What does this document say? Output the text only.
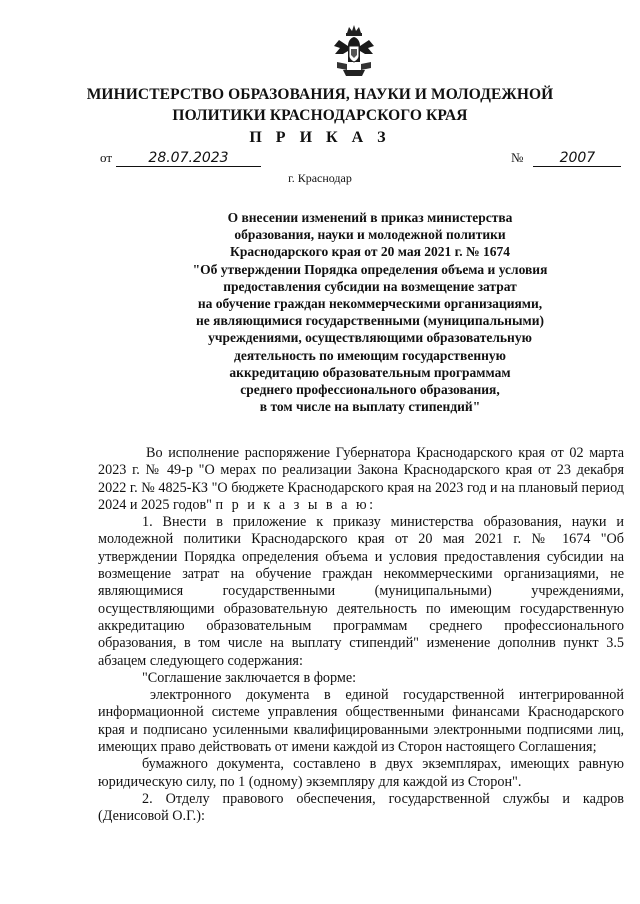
МИНИСТЕРСТВО ОБРАЗОВАНИЯ, НАУКИ И МОЛОДЕЖНОЙ
ПОЛИТИКИ КРАСНОДАРСКОГО КРАЯ
П Р И К А З
от	28.07.2023	№	2007
г. Краснодар
О внесении изменений в приказ министерства
образования, науки и молодежной политики
Краснодарского края от 20 мая 2021 г. № 1674
"Об утверждении Порядка определения объема и условия
предоставления субсидии на возмещение затрат
на обучение граждан некоммерческими организациями,
не являющимися государственными (муниципальными)
учреждениями, осуществляющими образовательную
деятельность по имеющим государственную
аккредитацию образовательным программам
среднего профессионального образования,
в том числе на выплату стипендий"

Во исполнение распоряжение Губернатора Краснодарского края от 02 марта 2023 г. № 49-р "О мерах по реализации Закона Краснодарского края от 23 декабря 2022 г. № 4825-КЗ "О бюджете Краснодарского края на 2023 год и на плановый период 2024 и 2025 годов" п р и к а з ы в а ю:

1. Внести в приложение к приказу министерства образования, науки и молодежной политики Краснодарского края от 20 мая 2021 г. № 1674 "Об утверждении Порядка определения объема и условия предоставления субсидии на возмещение затрат на обучение граждан некоммерческими организациями, не являющимися государственными (муниципальными) учреждениями, осуществляющими образовательную деятельность по имеющим государственную аккредитацию образовательным программам среднего профессионального образования, в том числе на выплату стипендий" изменение дополнив пункт 3.5 абзацем следующего содержания:

"Соглашение заключается в форме:

электронного документа в единой государственной интегрированной информационной системе управления общественными финансами Краснодарского края и подписано усиленными квалифицированными электронными подписями лиц, имеющих право действовать от имени каждой из Сторон настоящего Соглашения;

бумажного документа, составлено в двух экземплярах, имеющих равную юридическую силу, по 1 (одному) экземпляру для каждой из Сторон".

2. Отделу правового обеспечения, государственной службы и кадров (Денисовой О.Г.):
